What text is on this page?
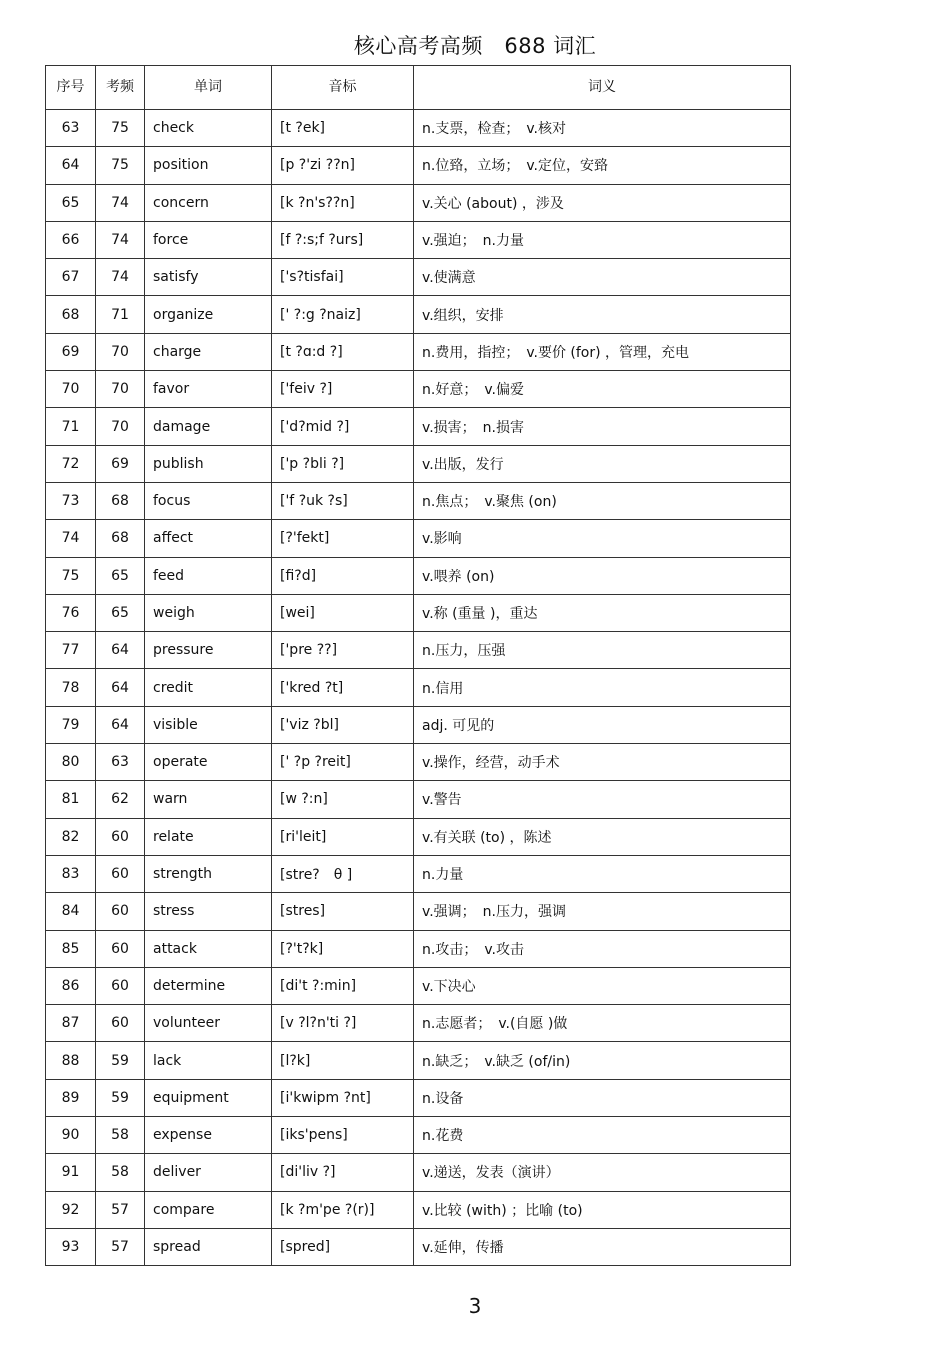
核心高考高频　688 词汇
序号	考频	单词	音标	词义
63	75	check	[t ?ek]	n.支票，检查；　v.核对
64	75	position	[p ?'zi ??n]	n.位臵，立场；　v.定位，安臵
65	74	concern	[k ?n's??n]	v.关心 (about) ，涉及
66	74	force	[f ?:s;f ?urs]	v.强迫；　n.力量
67	74	satisfy	['s?tisfai]	v.使满意
68	71	organize	[' ?:g ?naiz]	v.组织，安排
69	70	charge	[t ?ɑ:d ?]	n.费用，指控；　v.要价 (for) ，管理，充电
70	70	favor	['feiv ?]	n.好意；　v.偏爱
71	70	damage	['d?mid ?]	v.损害；　n.损害
72	69	publish	['p ?bli ?]	v.出版，发行
73	68	focus	['f ?uk ?s]	n.焦点；　v.聚焦 (on)
74	68	affect	[?'fekt]	v.影响
75	65	feed	[fi?d]	v.喂养 (on)
76	65	weigh	[wei]	v.称 (重量 )，重达
77	64	pressure	['pre ??]	n.压力，压强
78	64	credit	['kred ?t]	n.信用
79	64	visible	['viz ?bl]	adj. 可见的
80	63	operate	[' ?p ?reit]	v.操作，经营，动手术
81	62	warn	[w ?:n]	v.警告
82	60	relate	[ri'leit]	v.有关联 (to) ，陈述
83	60	strength	[stre?　θ ]	n.力量
84	60	stress	[stres]	v.强调；　n.压力，强调
85	60	attack	[?'t?k]	n.攻击；　v.攻击
86	60	determine	[di't ?:min]	v.下决心
87	60	volunteer	[v ?l?n'ti ?]	n.志愿者；　v.(自愿 )做
88	59	lack	[l?k]	n.缺乏；　v.缺乏 (of/in)
89	59	equipment	[i'kwipm ?nt]	n.设备
90	58	expense	[iks'pens]	n.花费
91	58	deliver	[di'liv ?]	v.递送，发表（演讲）
92	57	compare	[k ?m'pe ?(r)]	v.比较 (with) ；比喻 (to)
93	57	spread	[spred]	v.延伸，传播
3
